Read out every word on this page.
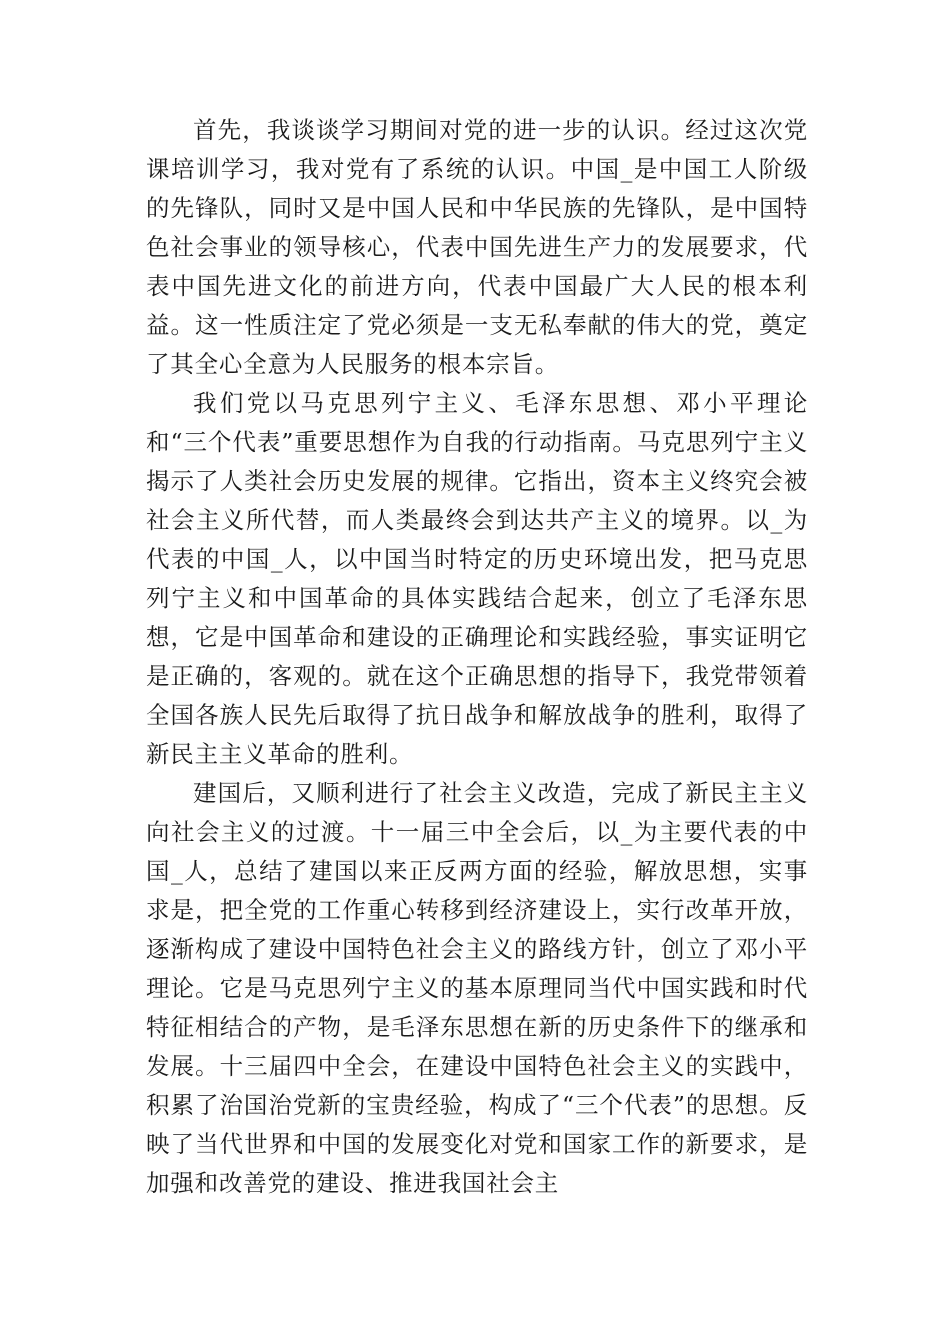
首先，我谈谈学习期间对党的进一步的认识。经过这次党课培训学习，我对党有了系统的认识。中国_是中国工人阶级的先锋队，同时又是中国人民和中华民族的先锋队，是中国特色社会事业的领导核心，代表中国先进生产力的发展要求，代表中国先进文化的前进方向，代表中国最广大人民的根本利益。这一性质注定了党必须是一支无私奉献的伟大的党，奠定了其全心全意为人民服务的根本宗旨。

我们党以马克思列宁主义、毛泽东思想、邓小平理论和“三个代表”重要思想作为自我的行动指南。马克思列宁主义揭示了人类社会历史发展的规律。它指出，资本主义终究会被社会主义所代替，而人类最终会到达共产主义的境界。以_为代表的中国_人，以中国当时特定的历史环境出发，把马克思列宁主义和中国革命的具体实践结合起来，创立了毛泽东思想，它是中国革命和建设的正确理论和实践经验，事实证明它是正确的，客观的。就在这个正确思想的指导下，我党带领着全国各族人民先后取得了抗日战争和解放战争的胜利，取得了新民主主义革命的胜利。

建国后，又顺利进行了社会主义改造，完成了新民主主义向社会主义的过渡。十一届三中全会后，以_为主要代表的中国_人，总结了建国以来正反两方面的经验，解放思想，实事求是，把全党的工作重心转移到经济建设上，实行改革开放，逐渐构成了建设中国特色社会主义的路线方针，创立了邓小平理论。它是马克思列宁主义的基本原理同当代中国实践和时代特征相结合的产物，是毛泽东思想在新的历史条件下的继承和发展。十三届四中全会，在建设中国特色社会主义的实践中，积累了治国治党新的宝贵经验，构成了“三个代表”的思想。反映了当代世界和中国的发展变化对党和国家工作的新要求，是加强和改善党的建设、推进我国社会主
